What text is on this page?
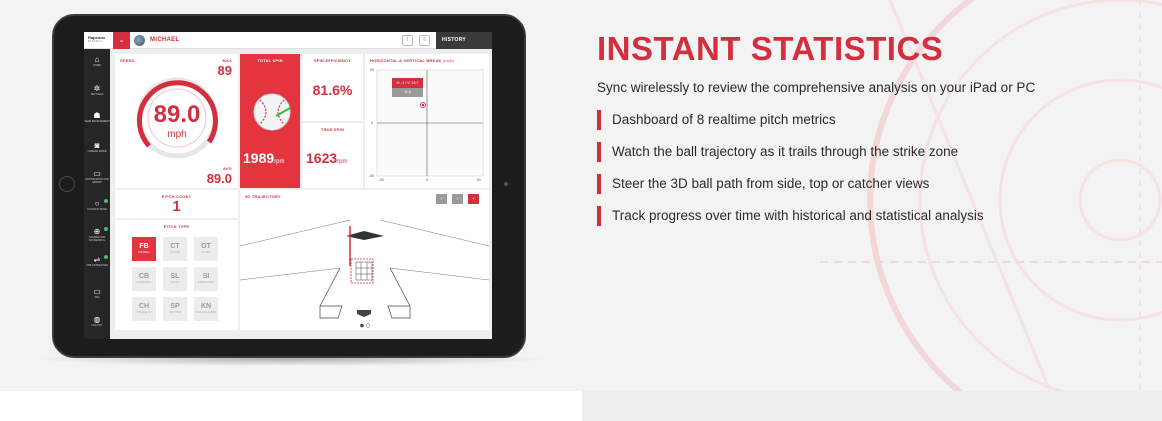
Rapsodo
BASEBALL	⌄	MICHAEL	ǐ	≡	HISTORY
⌂
HOME
✲
SETTINGS
☗
TEAM MANAGEMENT
◙
CAMERA MODE
▭
NOTIFICATION AND ERROR
○
CLOUD SYNCED
⊕
CALIBRATION SUCCESSFUL
⇌
USB CONNECTED
▭
33%
◍
LOG OUT
SPEED	MAX
89
89.0
mph
AVG
89.0
TOTAL SPIN
1989rpm
SPIN EFFICIENCY
81.6%
TRUE SPIN
1623rpm
HORIZONTAL & VERTICAL BREAK (inch)
H: -3 / V: 16.7
11.6
50
0
-50
-50	0	50
PITCH COUNT
1
PITCH TYPE
FB
FASTBALL
CT
CUTTER
OT
OTHER
CB
CURVE BALL
SL
SLIDER
SI
SINKING BALL
CH
CHANGE UP
SP
SPLITTER
KN
KNUCKLE CURVE
3D TRAJECTORY	‹	›	‹
INSTANT STATISTICS
Sync wirelessly to review the comprehensive analysis on your iPad or PC
Dashboard of 8 realtime pitch metrics
Watch the ball trajectory as it trails through the strike zone
Steer the 3D ball path from side, top or catcher views
Track progress over time with historical and statistical analysis
